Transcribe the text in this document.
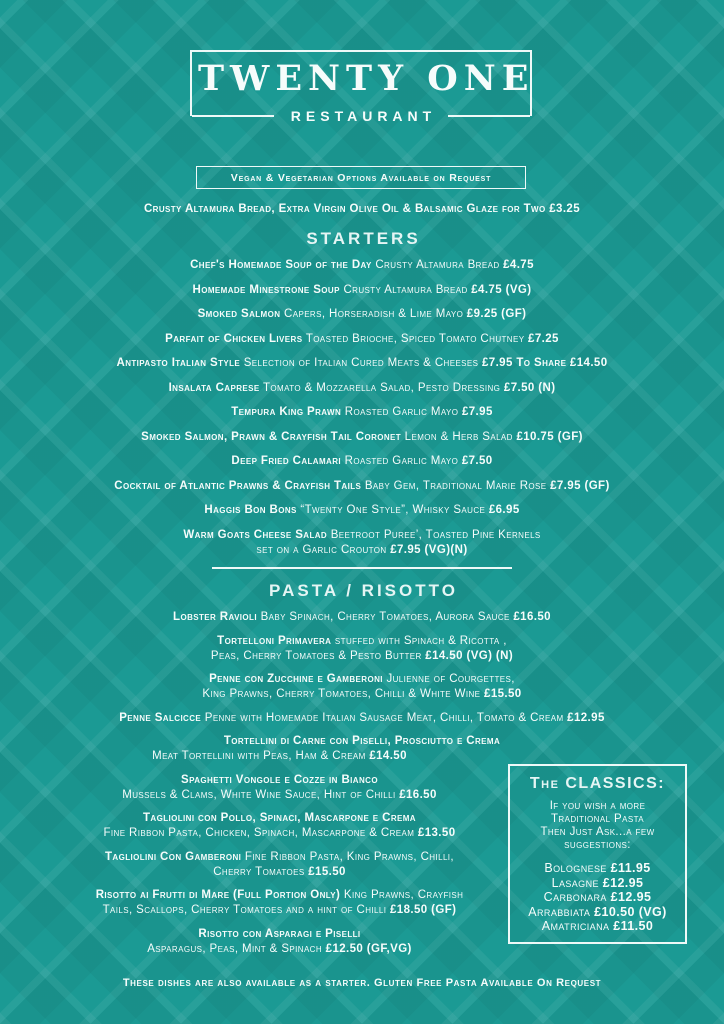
TWENTY ONE
RESTAURANT
Vegan & Vegetarian Options Available on Request
Crusty Altamura Bread, Extra Virgin Olive Oil & Balsamic Glaze for Two £3.25
STARTERS
Chef's Homemade Soup of the Day Crusty Altamura Bread £4.75
Homemade Minestrone Soup Crusty Altamura Bread £4.75 (VG)
Smoked Salmon Capers, Horseradish & Lime Mayo £9.25 (GF)
Parfait of Chicken Livers Toasted Brioche, Spiced Tomato Chutney £7.25
Antipasto Italian Style Selection of Italian Cured Meats & Cheeses £7.95 To Share £14.50
Insalata Caprese Tomato & Mozzarella Salad, Pesto Dressing £7.50 (N)
Tempura King Prawn Roasted Garlic Mayo £7.95
Smoked Salmon, Prawn & Crayfish Tail Coronet Lemon & Herb Salad £10.75 (GF)
Deep Fried Calamari Roasted Garlic Mayo £7.50
Cocktail of Atlantic Prawns & Crayfish Tails Baby Gem, Traditional Marie Rose £7.95 (GF)
Haggis Bon Bons “Twenty One Style”, Whisky Sauce £6.95
Warm Goats Cheese Salad Beetroot Puree’, Toasted Pine Kernels
set on a Garlic Crouton £7.95 (VG)(N)
PASTA / RISOTTO
Lobster Ravioli Baby Spinach, Cherry Tomatoes, Aurora Sauce £16.50
Tortelloni Primavera stuffed with Spinach & Ricotta ,
Peas, Cherry Tomatoes & Pesto Butter £14.50 (VG) (N)
Penne con Zucchine e Gamberoni Julienne of Courgettes,
King Prawns, Cherry Tomatoes, Chilli & White Wine £15.50
Penne Salcicce Penne with Homemade Italian Sausage Meat, Chilli, Tomato & Cream £12.95
Tortellini di Carne con Piselli, Prosciutto e Crema
Meat Tortellini with Peas, Ham & Cream £14.50
Spaghetti Vongole e Cozze in Bianco
Mussels & Clams, White Wine Sauce, Hint of Chilli £16.50
Tagliolini con Pollo, Spinaci, Mascarpone e Crema
Fine Ribbon Pasta, Chicken, Spinach, Mascarpone & Cream £13.50
Tagliolini Con Gamberoni Fine Ribbon Pasta, King Prawns, Chilli,
Cherry Tomatoes £15.50
Risotto ai Frutti di Mare (Full Portion Only) King Prawns, Crayfish
Tails, Scallops, Cherry Tomatoes and a hint of Chilli £18.50 (GF)
Risotto con Asparagi e Piselli
Asparagus, Peas, Mint & Spinach £12.50 (GF,VG)
The CLASSICS:
If you wish a more
Traditional Pasta
Then Just Ask...a few
suggestions:
Bolognese £11.95
Lasagne £12.95
Carbonara £12.95
Arrabbiata £10.50 (VG)
Amatriciana £11.50
These dishes are also available as a starter. Gluten Free Pasta Available On Request
